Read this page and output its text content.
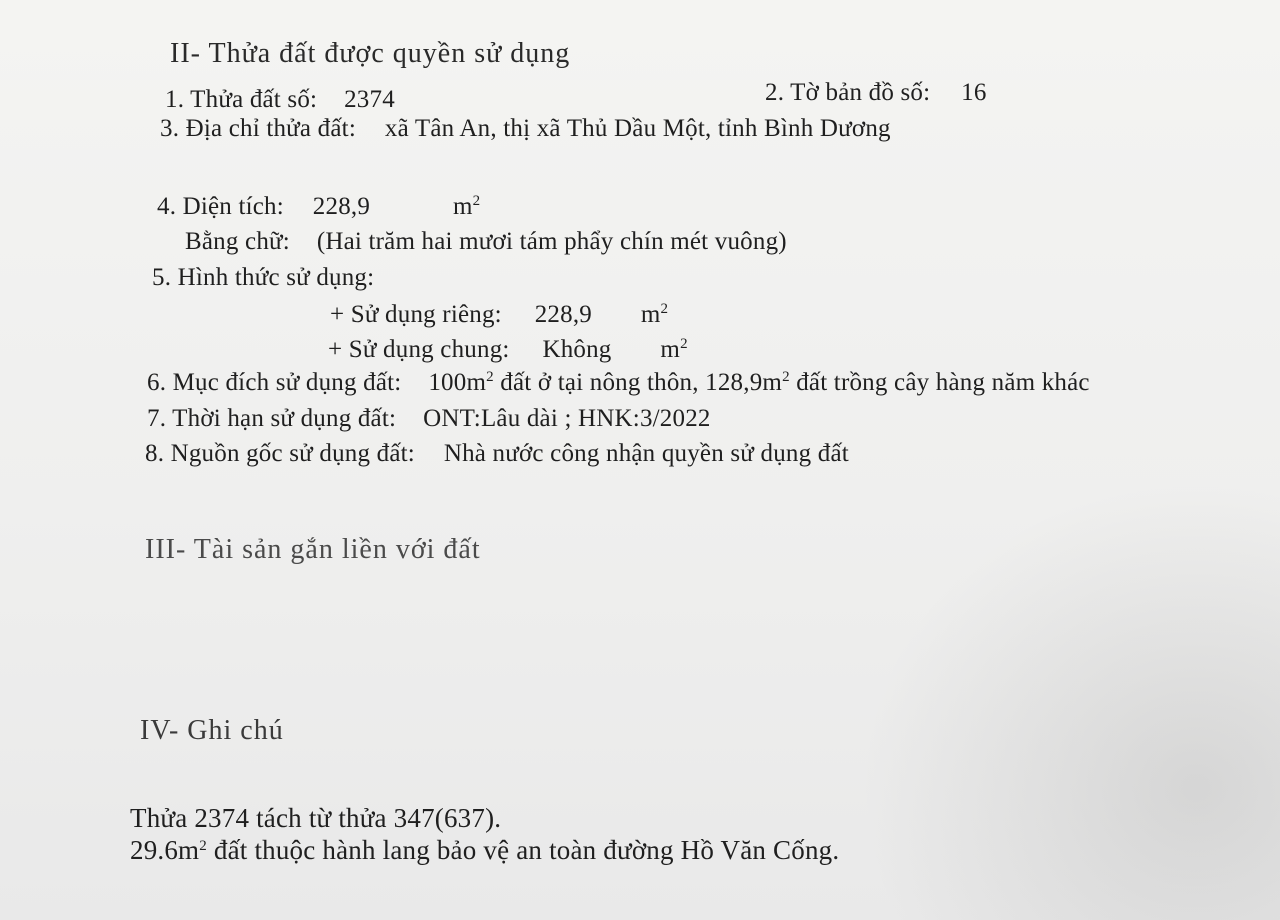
II- Thửa đất được quyền sử dụng
1. Thửa đất số: 2374	2. Tờ bản đồ số: 16
3. Địa chỉ thửa đất: xã Tân An, thị xã Thủ Dầu Một, tỉnh Bình Dương
4. Diện tích: 228,9	$m^2$
Bằng chữ: (Hai trăm hai mươi tám phẩy chín mét vuông)
5. Hình thức sử dụng:
+ Sử dụng riêng: 228,9 $m^2$
+ Sử dụng chung: Không $m^2$
6. Mục đích sử dụng đất: $100m^2$ đất ở tại nông thôn, $128,9m^2$ đất trồng cây hàng năm khác
7. Thời hạn sử dụng đất: ONT:Lâu dài ; HNK:3/2022
8. Nguồn gốc sử dụng đất: Nhà nước công nhận quyền sử dụng đất
III- Tài sản gắn liền với đất
IV- Ghi chú
Thửa 2374 tách từ thửa 347(637).
$29.6m^2$ đất thuộc hành lang bảo vệ an toàn đường Hồ Văn Cống.
